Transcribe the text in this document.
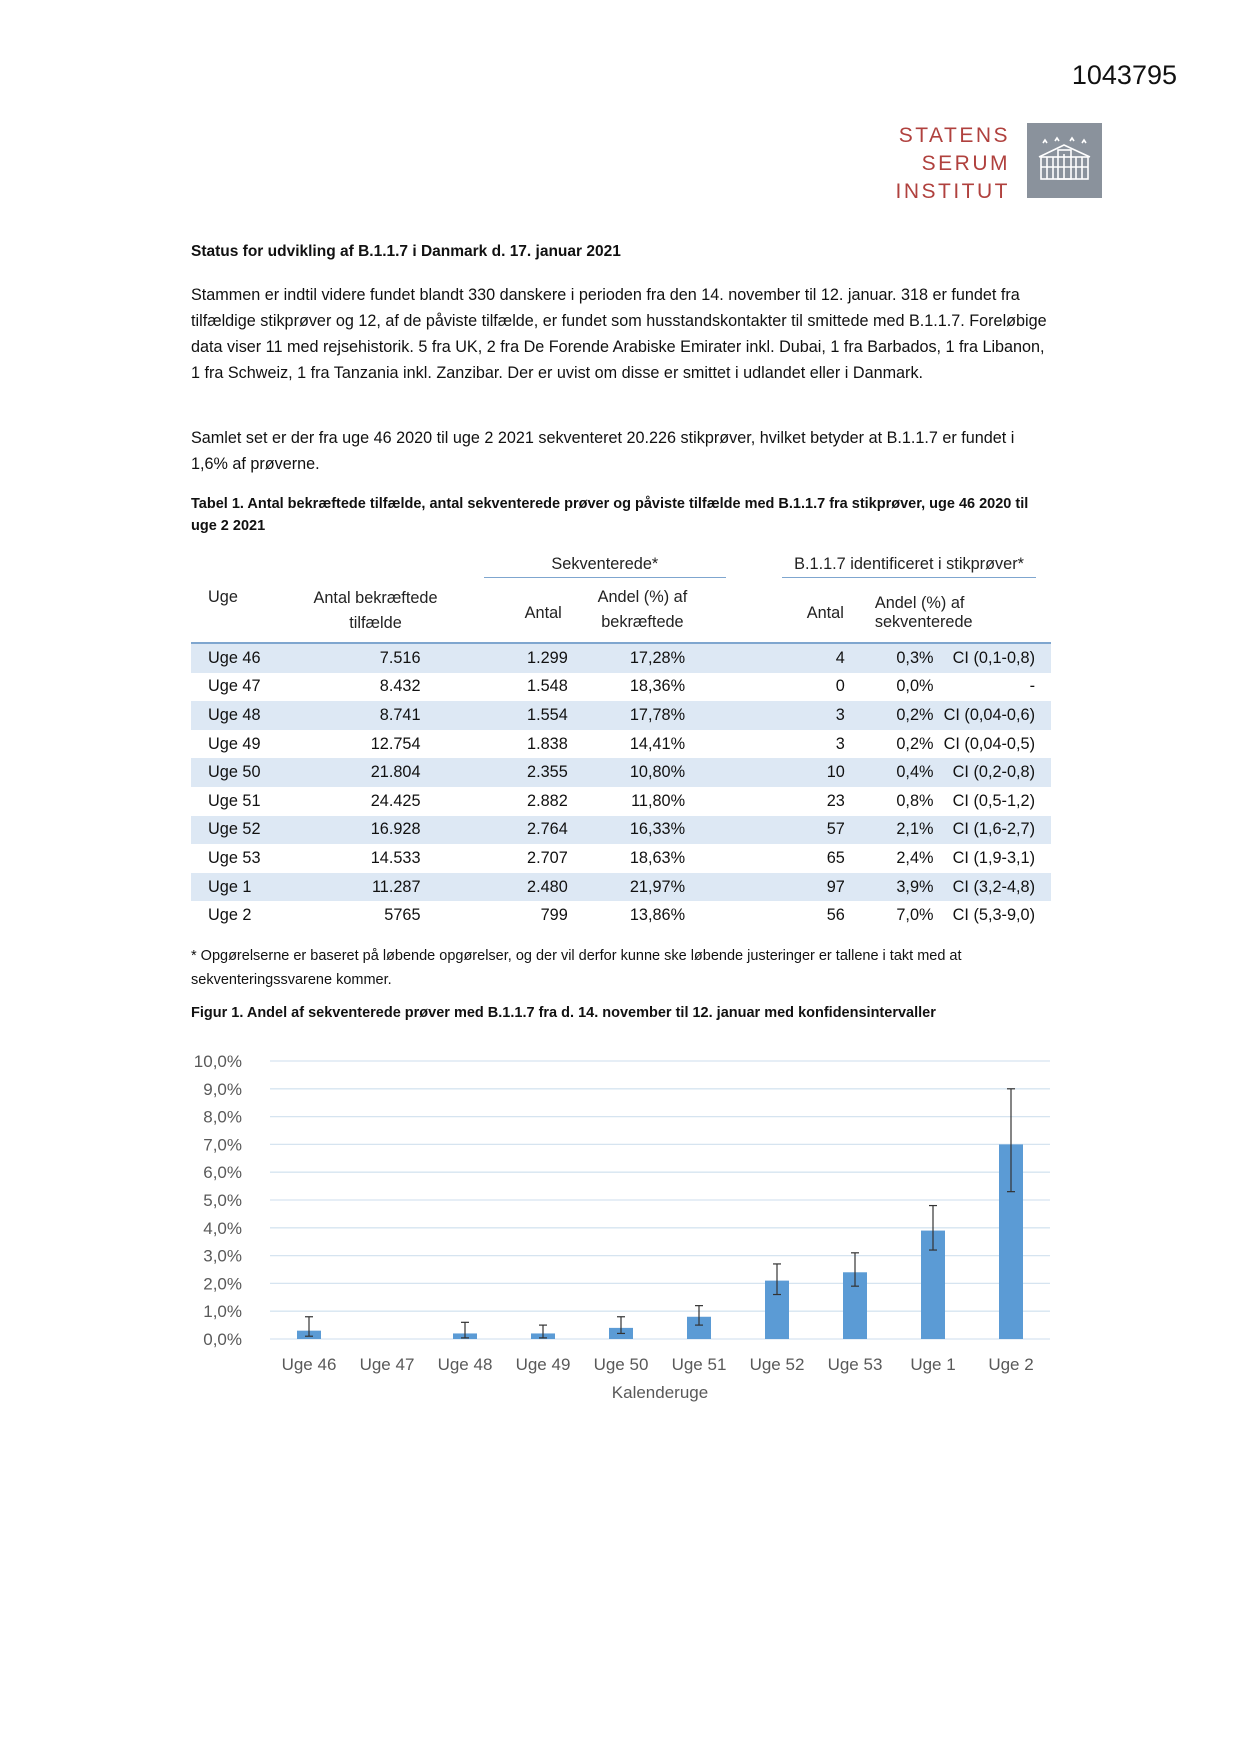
1043795
STATENS
SERUM
INSTITUT
Status for udvikling af B.1.1.7 i Danmark d. 17. januar 2021
Stammen er indtil videre fundet blandt 330 danskere i perioden fra den 14. november til 12. januar. 318 er fundet fra tilfældige stikprøver og 12, af de påviste tilfælde, er fundet som husstandskontakter til smittede med B.1.1.7. Foreløbige data viser 11 med rejsehistorik. 5 fra UK, 2 fra De Forende Arabiske Emirater inkl. Dubai, 1 fra Barbados, 1 fra Libanon, 1 fra Schweiz, 1 fra Tanzania inkl. Zanzibar. Der er uvist om disse er smittet i udlandet eller i Danmark.
Samlet set er der fra uge 46 2020 til uge 2 2021 sekventeret 20.226 stikprøver, hvilket betyder at B.1.1.7 er fundet i 1,6% af prøverne.
Tabel 1. Antal bekræftede tilfælde, antal sekventerede prøver og påviste tilfælde med B.1.1.7 fra stikprøver, uge 46 2020 til uge 2 2021
Uge	Antal bekræftede tilfælde	Sekventerede*		B.1.1.7 identificeret i stikprøver*		

		Antal	Andel (%) af bekræftede	Antal	Andel (%) af sekventerede	
Uge 46	7.516	1.299	17,28%	4	0,3%	CI (0,1-0,8)
Uge 47	8.432	1.548	18,36%	0	0,0%	-
Uge 48	8.741	1.554	17,78%	3	0,2%	CI (0,04-0,6)
Uge 49	12.754	1.838	14,41%	3	0,2%	CI (0,04-0,5)
Uge 50	21.804	2.355	10,80%	10	0,4%	CI (0,2-0,8)
Uge 51	24.425	2.882	11,80%	23	0,8%	CI (0,5-1,2)
Uge 52	16.928	2.764	16,33%	57	2,1%	CI (1,6-2,7)
Uge 53	14.533	2.707	18,63%	65	2,4%	CI (1,9-3,1)
Uge 1	11.287	2.480	21,97%	97	3,9%	CI (3,2-4,8)
Uge 2	5765	799	13,86%	56	7,0%	CI (5,3-9,0)
* Opgørelserne er baseret på løbende opgørelser, og der vil derfor kunne ske løbende justeringer er tallene i takt med at sekventeringssvarene kommer.
Figur 1. Andel af sekventerede prøver med B.1.1.7 fra d. 14. november til 12. januar med konfidensintervaller
0,0%
1,0%
2,0%
3,0%
4,0%
5,0%
6,0%
7,0%
8,0%
9,0%
10,0%
Uge 46 Uge 47 Uge 48 Uge 49 Uge 50 Uge 51 Uge 52 Uge 53 Uge 1 Uge 2
Kalenderuge
